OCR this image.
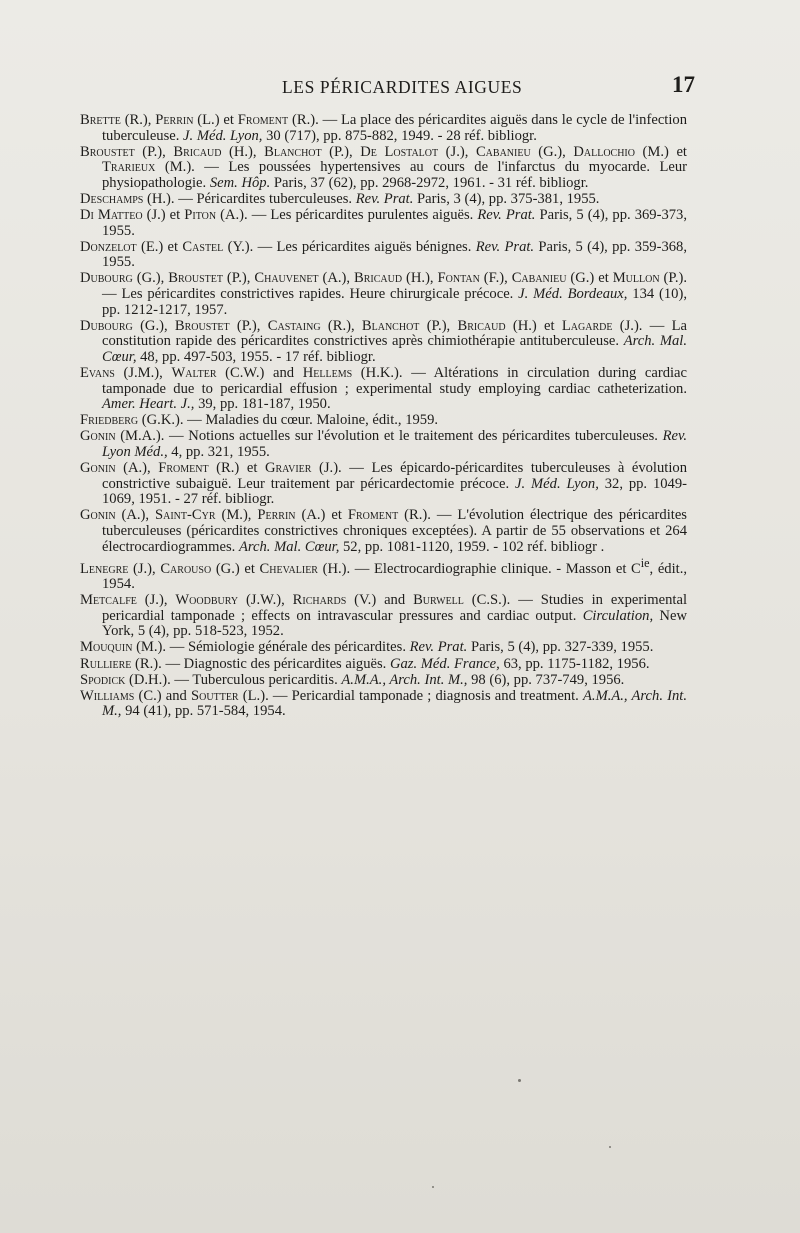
LES PÉRICARDITES AIGUES	17

Brette (R.), Perrin (L.) et Froment (R.). — La place des péricardites aiguës dans le cycle de l'infection tuberculeuse. J. Méd. Lyon, 30 (717), pp. 875-882, 1949. - 28 réf. bibliogr.

Broustet (P.), Bricaud (H.), Blanchot (P.), De Lostalot (J.), Cabanieu (G.), Dallochio (M.) et Trarieux (M.). — Les poussées hypertensives au cours de l'infarctus du myocarde. Leur physiopathologie. Sem. Hôp. Paris, 37 (62), pp. 2968-2972, 1961. - 31 réf. bibliogr.

Deschamps (H.). — Péricardites tuberculeuses. Rev. Prat. Paris, 3 (4), pp. 375-381, 1955.

Di Matteo (J.) et Piton (A.). — Les péricardites purulentes aiguës. Rev. Prat. Paris, 5 (4), pp. 369-373, 1955.

Donzelot (E.) et Castel (Y.). — Les péricardites aiguës bénignes. Rev. Prat. Paris, 5 (4), pp. 359-368, 1955.

Dubourg (G.), Broustet (P.), Chauvenet (A.), Bricaud (H.), Fontan (F.), Cabanieu (G.) et Mullon (P.). — Les péricardites constrictives rapides. Heure chirurgicale précoce. J. Méd. Bordeaux, 134 (10), pp. 1212-1217, 1957.

Dubourg (G.), Broustet (P.), Castaing (R.), Blanchot (P.), Bricaud (H.) et Lagarde (J.). — La constitution rapide des péricardites constrictives après chimiothérapie antituberculeuse. Arch. Mal. Cœur, 48, pp. 497-503, 1955. - 17 réf. bibliogr.

Evans (J.M.), Walter (C.W.) and Hellems (H.K.). — Altérations in circulation during cardiac tamponade due to pericardial effusion ; experimental study employing cardiac catheterization. Amer. Heart. J., 39, pp. 181-187, 1950.

Friedberg (G.K.). — Maladies du cœur. Maloine, édit., 1959.

Gonin (M.A.). — Notions actuelles sur l'évolution et le traitement des péricardites tuberculeuses. Rev. Lyon Méd., 4, pp. 321, 1955.

Gonin (A.), Froment (R.) et Gravier (J.). — Les épicardo-péricardites tuberculeuses à évolution constrictive subaiguë. Leur traitement par péricardectomie précoce. J. Méd. Lyon, 32, pp. 1049-1069, 1951. - 27 réf. bibliogr.

Gonin (A.), Saint-Cyr (M.), Perrin (A.) et Froment (R.). — L'évolution électrique des péricardites tuberculeuses (péricardites constrictives chroniques exceptées). A partir de 55 observations et 264 électrocardiogrammes. Arch. Mal. Cœur, 52, pp. 1081-1120, 1959. - 102 réf. bibliogr .

Lenegre (J.), Carouso (G.) et Chevalier (H.). — Electrocardiographie clinique. - Masson et $C^{ie}$, édit., 1954.

Metcalfe (J.), Woodbury (J.W.), Richards (V.) and Burwell (C.S.). — Studies in experimental pericardial tamponade ; effects on intravascular pressures and cardiac output. Circulation, New York, 5 (4), pp. 518-523, 1952.

Mouquin (M.). — Sémiologie générale des péricardites. Rev. Prat. Paris, 5 (4), pp. 327-339, 1955.

Rulliere (R.). — Diagnostic des péricardites aiguës. Gaz. Méd. France, 63, pp. 1175-1182, 1956.

Spodick (D.H.). — Tuberculous pericarditis. A.M.A., Arch. Int. M., 98 (6), pp. 737-749, 1956.

Williams (C.) and Soutter (L.). — Pericardial tamponade ; diagnosis and treatment. A.M.A., Arch. Int. M., 94 (41), pp. 571-584, 1954.
